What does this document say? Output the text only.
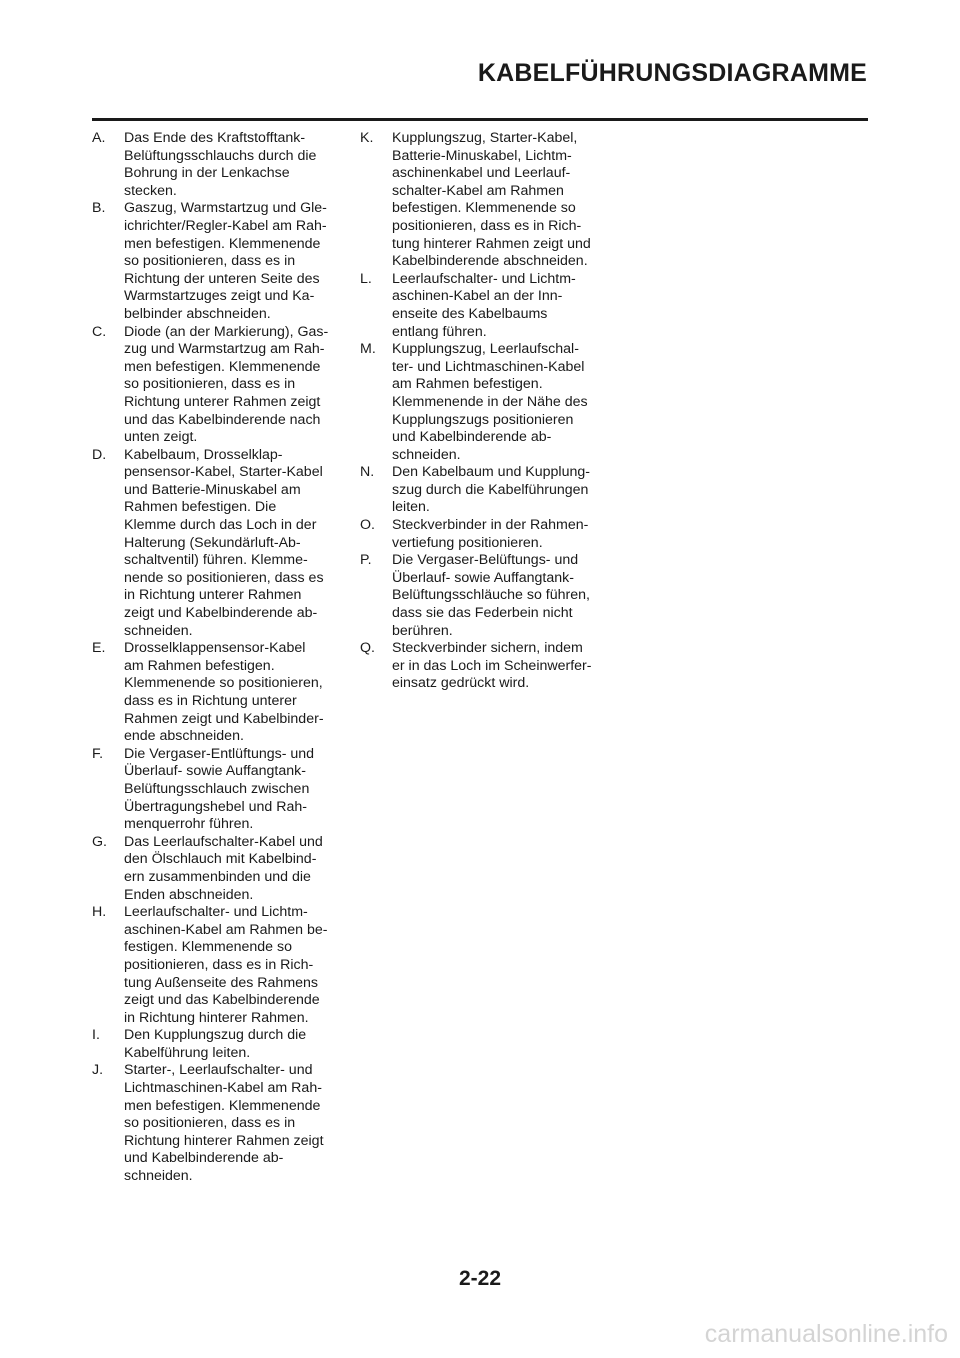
KABELFÜHRUNGSDIAGRAMME
A.	Das Ende des Kraftstofftank-
Belüftungsschlauchs durch die
Bohrung in der Lenkachse
stecken.
B.	Gaszug, Warmstartzug und Gle-
ichrichter/Regler-Kabel am Rah-
men befestigen. Klemmenende
so positionieren, dass es in
Richtung der unteren Seite des
Warmstartzuges zeigt und Ka-
belbinder abschneiden.
C.	Diode (an der Markierung), Gas-
zug und Warmstartzug am Rah-
men befestigen. Klemmenende
so positionieren, dass es in
Richtung unterer Rahmen zeigt
und das Kabelbinderende nach
unten zeigt.
D.	Kabelbaum, Drosselklap-
pensensor-Kabel, Starter-Kabel
und Batterie-Minuskabel am
Rahmen befestigen. Die
Klemme durch das Loch in der
Halterung (Sekundärluft-Ab-
schaltventil) führen. Klemme-
nende so positionieren, dass es
in Richtung unterer Rahmen
zeigt und Kabelbinderende ab-
schneiden.
E.	Drosselklappensensor-Kabel
am Rahmen befestigen.
Klemmenende so positionieren,
dass es in Richtung unterer
Rahmen zeigt und Kabelbinder-
ende abschneiden.
F.	Die Vergaser-Entlüftungs- und
Überlauf- sowie Auffangtank-
Belüftungsschlauch zwischen
Übertragungshebel und Rah-
menquerrohr führen.
G.	Das Leerlaufschalter-Kabel und
den Ölschlauch mit Kabelbind-
ern zusammenbinden und die
Enden abschneiden.
H.	Leerlaufschalter- und Lichtm-
aschinen-Kabel am Rahmen be-
festigen. Klemmenende so
positionieren, dass es in Rich-
tung Außenseite des Rahmens
zeigt und das Kabelbinderende
in Richtung hinterer Rahmen.
I.	Den Kupplungszug durch die
Kabelführung leiten.
J.	Starter-, Leerlaufschalter- und
Lichtmaschinen-Kabel am Rah-
men befestigen. Klemmenende
so positionieren, dass es in
Richtung hinterer Rahmen zeigt
und Kabelbinderende ab-
schneiden.
K.	Kupplungszug, Starter-Kabel,
Batterie-Minuskabel, Lichtm-
aschinenkabel und Leerlauf-
schalter-Kabel am Rahmen
befestigen. Klemmenende so
positionieren, dass es in Rich-
tung hinterer Rahmen zeigt und
Kabelbinderende abschneiden.
L.	Leerlaufschalter- und Lichtm-
aschinen-Kabel an der Inn-
enseite des Kabelbaums
entlang führen.
M.	Kupplungszug, Leerlaufschal-
ter- und Lichtmaschinen-Kabel
am Rahmen befestigen.
Klemmenende in der Nähe des
Kupplungszugs positionieren
und Kabelbinderende ab-
schneiden.
N.	Den Kabelbaum und Kupplung-
szug durch die Kabelführungen
leiten.
O.	Steckverbinder in der Rahmen-
vertiefung positionieren.
P.	Die Vergaser-Belüftungs- und
Überlauf- sowie Auffangtank-
Belüftungsschläuche so führen,
dass sie das Federbein nicht
berühren.
Q.	Steckverbinder sichern, indem
er in das Loch im Scheinwerfer-
einsatz gedrückt wird.

2-22

carmanualsonline.info
